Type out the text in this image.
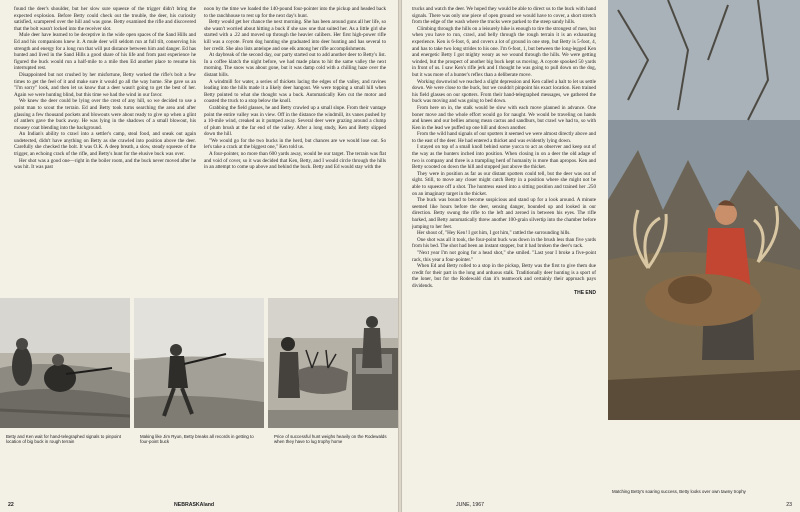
found the deer's shoulder, but her slow sure squeeze of the trigger didn't bring the expected explosion. Before Betty could check out the trouble, the deer, his curiosity satisfied, scampered over the hill and was gone. Betty examined the rifle and discovered that the bolt wasn't locked into the receiver slot.

Mule deer have learned to be deceptive in the wide open spaces of the Sand Hills and Ed and his companions knew it. A mule deer will seldom run at full tilt, conserving his strength and energy for a long run that will put distance between him and danger. Ed has hunted and lived in the Sand Hills a good share of his life and from past experience he figured the buck would run a half-mile to a mile then Ed another place to resume his interrupted rest.

Disappointed but not crushed by her misfortune, Betty worked the rifle's bolt a few times to get the feel of it and make sure it would go all the way home. She gave us an "I'm sorry" look, and then let us know that a deer wasn't going to get the best of her. Again we were hunting blind, but this time we had the wind in our favor.

We knew the deer could be lying over the crest of any hill, so we decided to use a point man to scout the terrain. Ed and Betty took turns searching the area and after glassing a few thousand pockets and blowouts were about ready to give up when a glint of antlers gave the buck away. He was lying in the shadows of a small blowout, his mousey coat blending into the background.

An Indian's ability to crawl into a settler's camp, steal food, and sneak out again undetected, didn't have anything on Betty as she crawled into position above the deer. Carefully she checked the bolt. It was O.K. A deep breath, a slow, steady squeeze of the trigger, an echoing crack of the rifle, and Betty's hunt for the elusive buck was over.

Her shot was a good one—right in the boiler room, and the buck never moved after he was hit. It was past

noon by the time we loaded the 140-pound four-pointer into the pickup and headed back to the ranchhouse to rest up for the next day's hunt.

Betty would get her chance the next morning. She has been around guns all her life, so she wasn't worried about hitting a buck if she saw one that suited her. As a little girl she started with a .22 and moved up through the heavier calibers. Her first high-power rifle kill was a coyote. From dog hunting she graduated into deer hunting and has several to her credit. She also lists antelope and one elk among her rifle accomplishments.

At daybreak of the second day, our party started out to add another deer to Betty's list. In a coffee klatch the night before, we had made plans to hit the same valley the next morning. The snow was about gone, but it was damp cold with a chilling haze over the distant hills.

A windmill for water, a series of thickets lacing the edges of the valley, and ravines leading into the hills made it a likely deer hangout. We were topping a small hill when Betty pointed to what she thought was a buck. Automatically Ken cut the motor and coasted the truck to a stop below the knoll.

Grabbing the field glasses, he and Betty crawled up a small slope. From their vantage point the entire valley was in view. Off in the distance the windmill, its vanes pushed by a 10-mile wind, creaked as it pumped away. Several deer were grazing around a clump of plum brush at the far end of the valley. After a long study, Ken and Betty slipped down the hill.

"We would go for the two bucks in the herd, but chances are we would lose out. So let's take a crack at the biggest one," Ken told us.

A four-pointer, no more than 600 yards away, would be our target. The terrain was flat and void of cover, so it was decided that Ken, Betty, and I would circle through the hills in an attempt to come up above and behind the buck. Betty and Ed would stay with the

Betty and Ken wait for hand-telegraphed signals to pinpoint location of big buck in rough terrain
Making like Jim Ryun, Betty breaks all records in getting to four-point buck
Price of successful hunt weighs heavily on the Rodewalds when they have to lug trophy home
22	NEBRASKAland

trucks and watch the deer. We hoped they would be able to direct us to the buck with hand signals. There was only one piece of open ground we would have to cover, a short stretch from the edge of the wash where the trucks were parked to the steep sandy hills.

Climbing through the hills on a leisurely hike is enough to tire the strongest of men, but when you have to run, crawl, and belly through the rough terrain it is an exhausting experience. Ken is 6-foot, 6, and covers a lot of ground in one step, but Betty is 5-foot, 4, and has to take two long strides to his one. I'm 6-foot, 1, but between the long-legged Ken and energetic Betty I got mighty weary as we wound through the hills. We were getting winded, but the prospect of another big buck kept us moving. A coyote spooked 50 yards in front of us. I saw Ken's rifle jerk and I thought he was going to pull down on the dog, but it was more of a hunter's reflex than a deliberate move.

Working downwind we reached a slight depression and Ken called a halt to let us settle down. We were close to the buck, but we couldn't pinpoint his exact location. Ken trained his field glasses on our spotters. From their hand-telegraphed messages, we gathered the buck was moving and was going to bed down.

From here on in, the stalk would be slow with each move planned in advance. One boner move and the whole effort would go for naught. We would be traveling on hands and knees and our bellies among mean cactus and sandburs, but crawl we had to, so with Ken in the lead we puffed up one hill and down another.

From the wild hand signals of our spotters it seemed we were almost directly above and to the east of the deer. He had entered a thicket and was evidently lying down.

I stayed on top of a small knoll behind some yucca to act as observer and keep out of the way as the hunters inched into position. When closing in on a deer the old adage of two is company and three is a trampling herd of humanity is more than apropos. Ken and Betty scooted on down the hill and stopped just above the thicket.

They were in position as far as our distant spotters could tell, but the deer was out of sight. Still, to move any closer might catch Betty in a position where she might not be able to squeeze off a shot. The huntress eased into a sitting position and trained her .250 on an imaginary target in the thicket.

The buck was bound to become suspicious and stand up for a look around. A minute seemed like hours before the deer, sensing danger, bounded up and looked in our direction. Betty swung the rifle to the left and zeroed in between his eyes. The rifle barked, and Betty automatically threw another 100-grain silvertip into the chamber before jumping to her feet.

Her shout of, "Hey Ken! I got him, I got him," rattled the surrounding hills.

One shot was all it took, the four-point buck was down in the brush less than five yards from his bed. The shot had been an instant stopper, but it had broken the deer's rack.

"Next year I'm not going for a head shot," she smiled. "Last year I broke a five-point rack, this year a four-pointer."

When Ed and Betty rolled to a stop in the pickup, Betty was the first to give them due credit for their part in the long and arduous stalk. Traditionally deer hunting is a sport of the loner, but for the Rodewald clan it's teamwork and certainly their approach pays dividends.

THE END
Matching Betty's soaring success, Betty looks over own tawny trophy
JUNE, 1967	23
